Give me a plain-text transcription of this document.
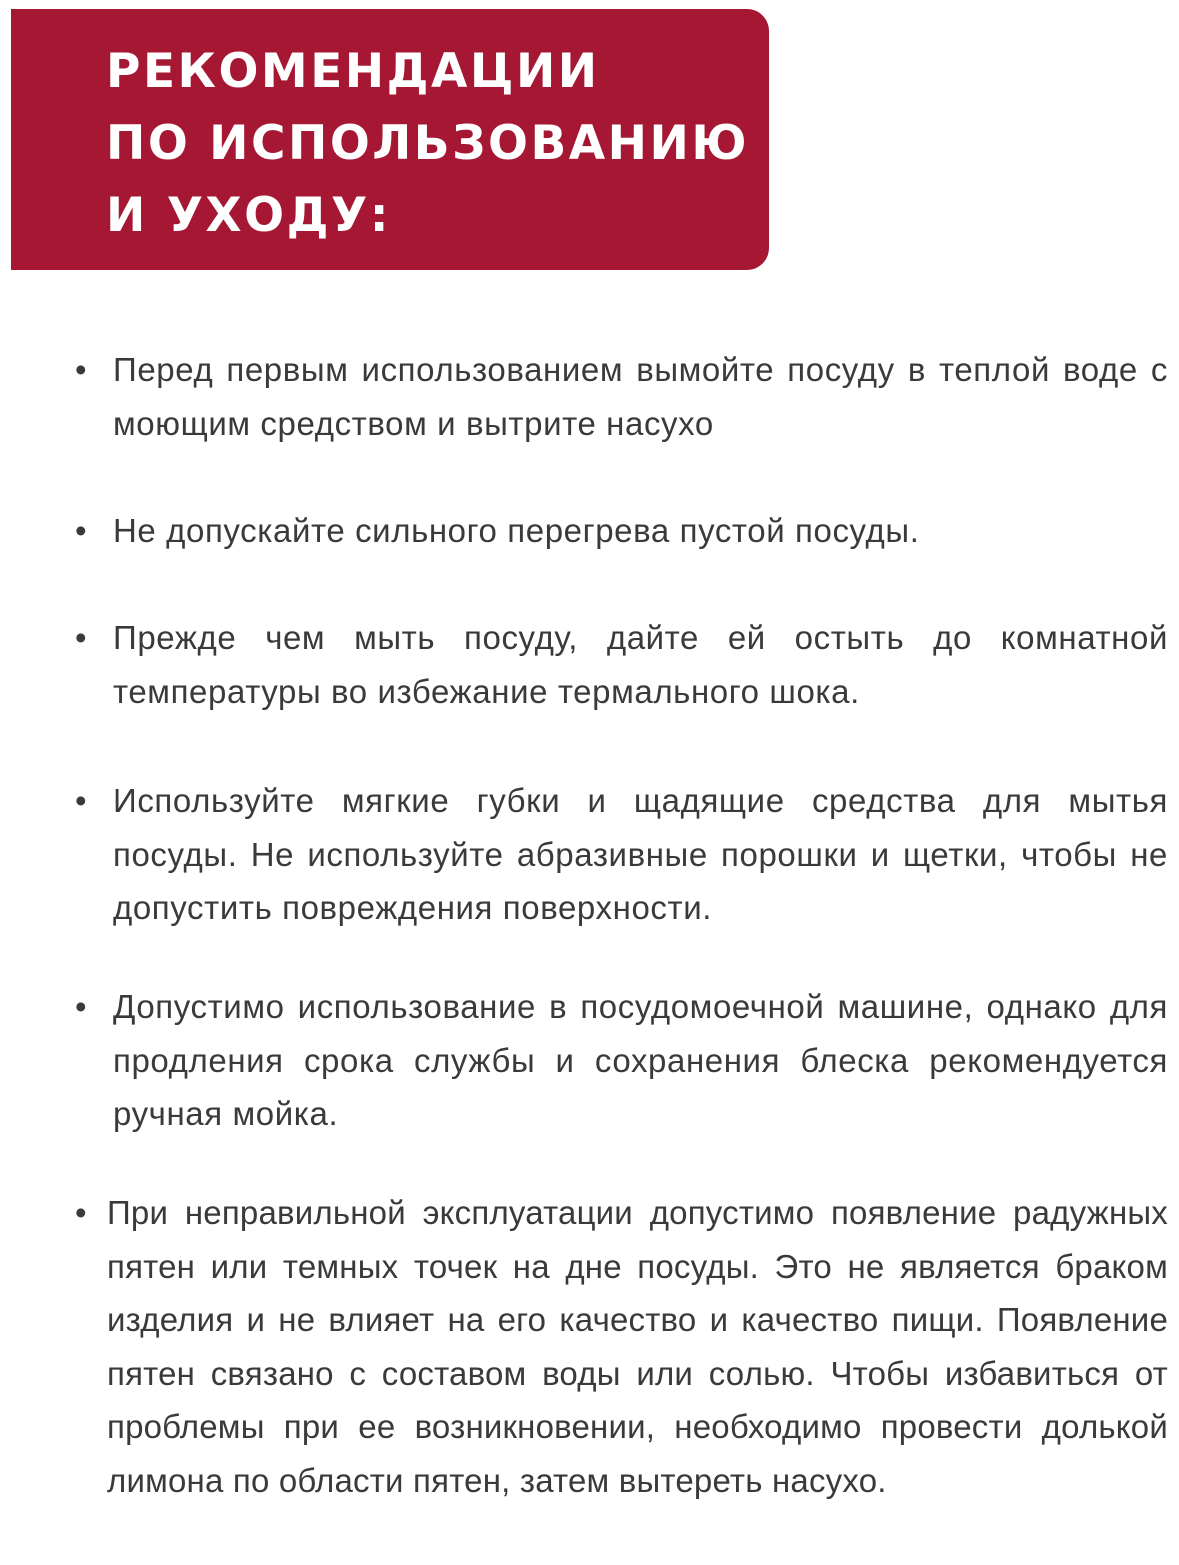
РЕКОМЕНДАЦИИ
ПО ИСПОЛЬЗОВАНИЮ
И УХОДУ:
• Перед первым использованием вымойте посуду в теплой воде с моющим средством и вытрите насухо
• Не допускайте сильного перегрева пустой посуды.
• Прежде чем мыть посуду, дайте ей остыть до комнатной температуры во избежание термального шока.
• Используйте мягкие губки и щадящие средства для мытья посуды. Не используйте абразивные порошки и щетки, чтобы не допустить повреждения поверхности.
• Допустимо использование в посудомоечной машине, однако для продления срока службы и сохранения блеска рекомендуется ручная мойка.
• При неправильной эксплуатации допустимо появление радужных пятен или темных точек на дне посуды. Это не является браком изделия и не влияет на его качество и качество пищи. Появление пятен связано с составом воды или солью. Чтобы избавиться от проблемы при ее возникновении, необходимо провести долькой лимона по области пятен, затем вытереть насухо.
